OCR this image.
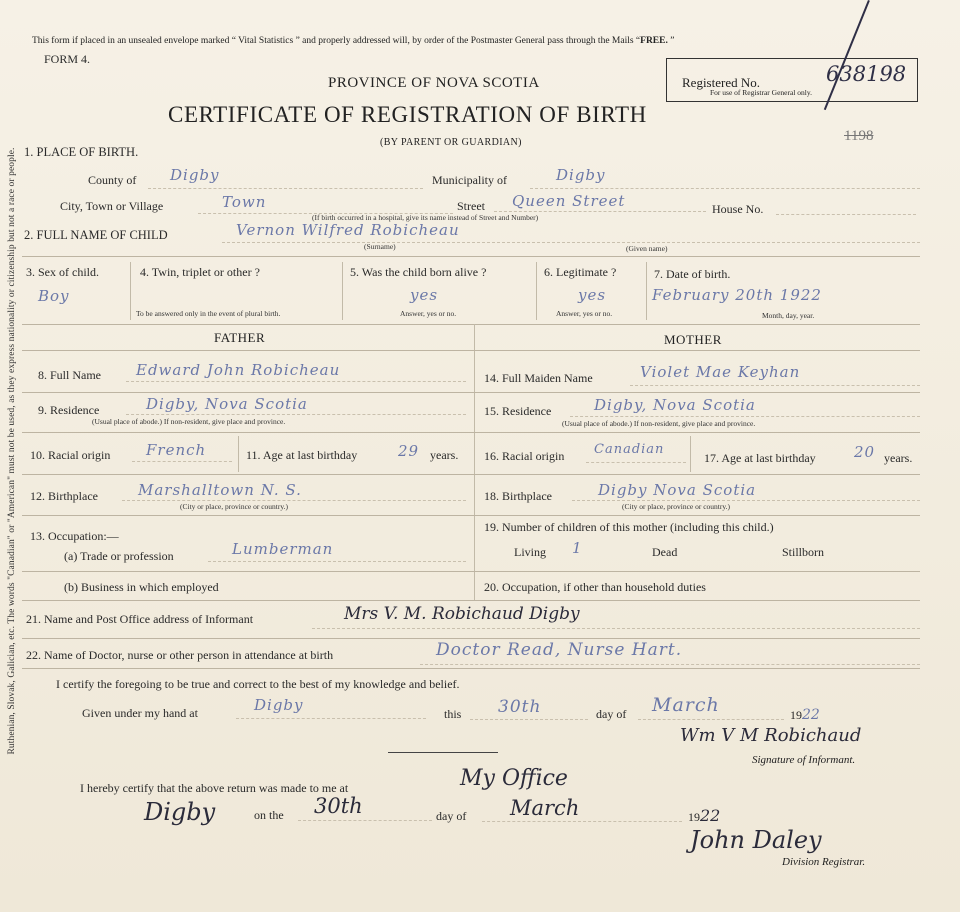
Ruthenian, Slovak, Galician, etc. The words "Canadian" or "American" must not be used, as they express nationality or citizenship but not a race or people.
This form if placed in an unsealed envelope marked “ Vital Statistics ” and properly addressed will, by order of the Postmaster General pass through the Mails “FREE. ”
FORM 4.
PROVINCE OF NOVA SCOTIA
CERTIFICATE OF REGISTRATION OF BIRTH
(BY PARENT OR GUARDIAN)
Registered No.	638198
For use of Registrar General only.
1198
1. PLACE OF BIRTH.
County of Digby	Municipality of	Digby
City, Town or Village	Town	Street Queen Street	House No.
(If birth occurred in a hospital, give its name instead of Street and Number)
2. FULL NAME OF CHILD	Vernon Wilfred Robicheau
(Surname)	(Given name)
3. Sex of child.
Boy
4. Twin, triplet or other ?
To be answered only in the event of plural birth.
5. Was the child born alive ?
yes
Answer, yes or no.
6. Legitimate ?
yes
Answer, yes or no.
7. Date of birth.
February 20th 1922
Month, day, year.
FATHER	MOTHER
8. Full Name Edward John Robicheau
9. Residence	Digby, Nova Scotia
(Usual place of abode.) If non-resident, give place and province.
10. Racial origin French	11. Age at last birthday	29 years.
12. Birthplace	Marshalltown N. S.
(City or place, province or country.)
13. Occupation:—
(a) Trade or profession	Lumberman
(b) Business in which employed
14. Full Maiden Name	Violet Mae Keyhan
15. Residence	Digby, Nova Scotia
(Usual place of abode.) If non-resident, give place and province.
16. Racial origin Canadian
17. Age at last birthday	20 years.
18. Birthplace	Digby Nova Scotia
(City or place, province or country.)
19. Number of children of this mother (including this child.)
Living 1	Dead	Stillborn
20. Occupation, if other than household duties
21. Name and Post Office address of Informant	Mrs V. M. Robichaud Digby
22. Name of Doctor, nurse or other person in attendance at birth	Doctor Read, Nurse Hart.
I certify the foregoing to be true and correct to the best of my knowledge and belief.
Given under my hand at	Digby	this 30th	day of March	1922
Wm V M Robichaud
Signature of Informant.
I hereby certify that the above return was made to me at	My Office
Digby	on the 30th	day of March	1922
John Daley
Division Registrar.
